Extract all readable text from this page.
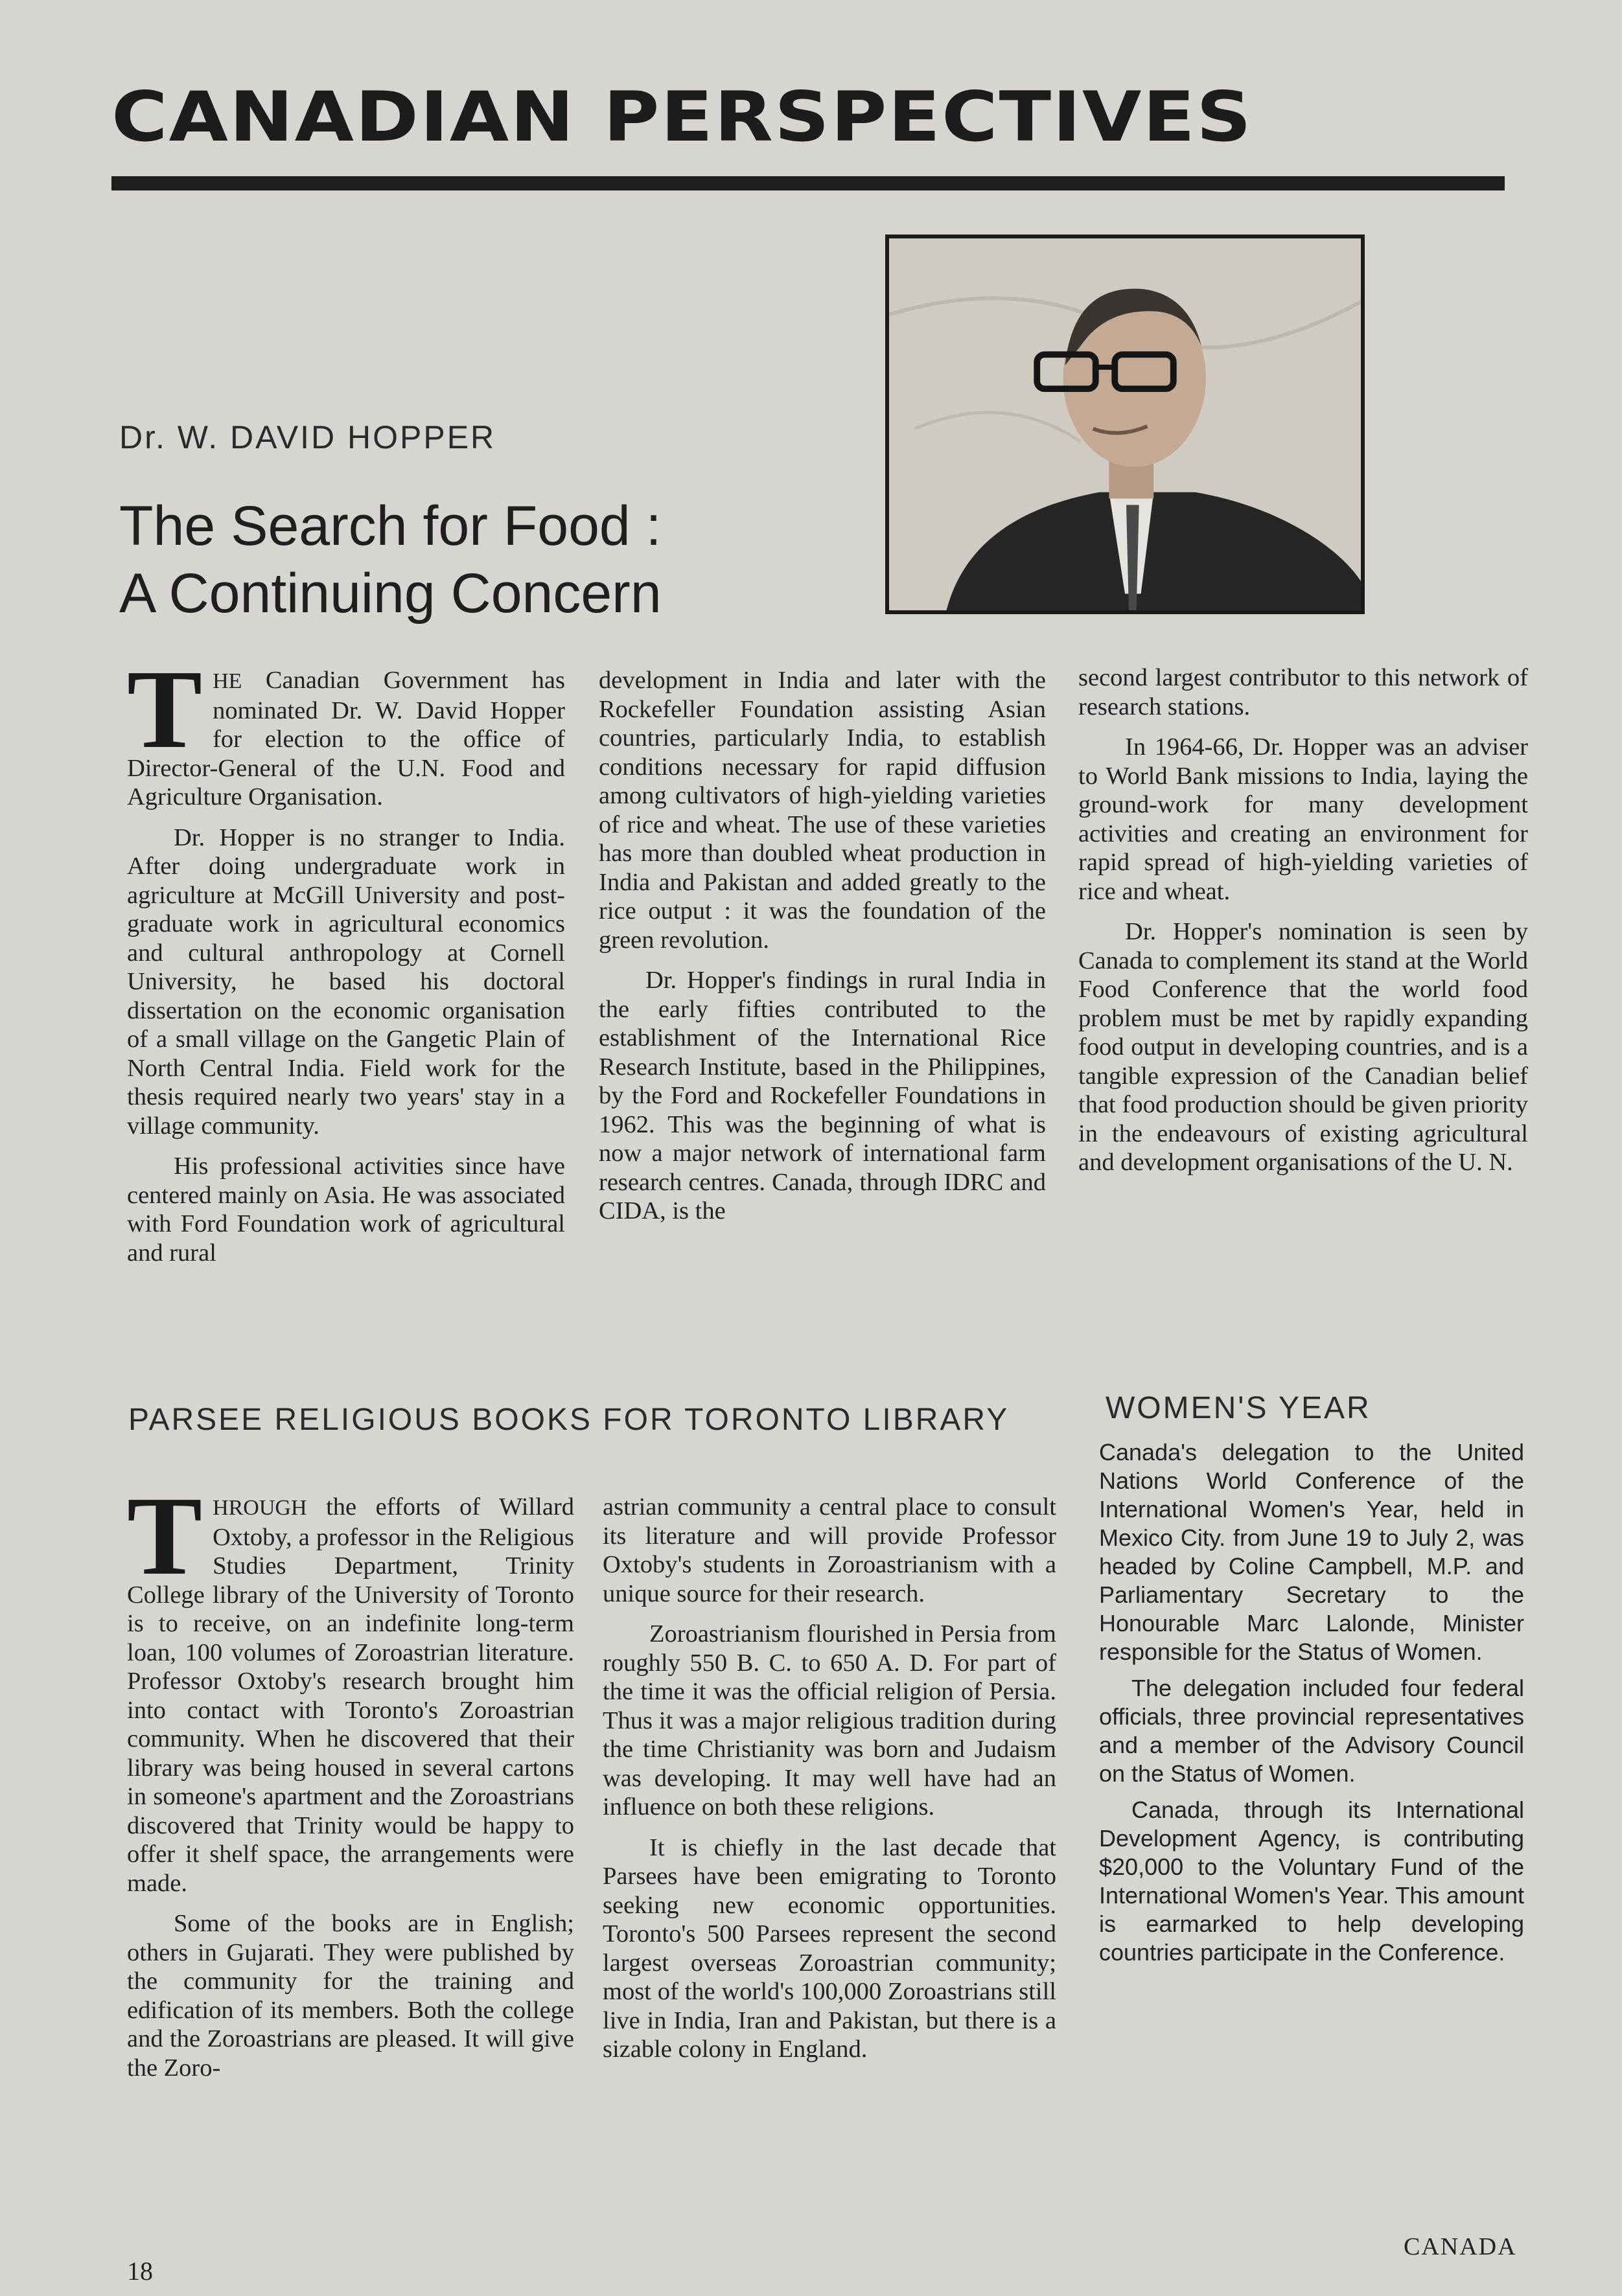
CANADIAN PERSPECTIVES
Dr. W. DAVID HOPPER
The Search for Food :
A Continuing Concern

THE Canadian Government has nominated Dr. W. David Hopper for election to the office of Director-General of the U.N. Food and Agriculture Organisation.

Dr. Hopper is no stranger to India. After doing undergraduate work in agriculture at McGill University and post-graduate work in agricultural economics and cultural anthropology at Cornell University, he based his doctoral dissertation on the economic organisation of a small village on the Gangetic Plain of North Central India. Field work for the thesis required nearly two years' stay in a village community.

His professional activities since have centered mainly on Asia. He was associated with Ford Foundation work of agricultural and rural

development in India and later with the Rockefeller Foundation assisting Asian countries, particularly India, to establish conditions necessary for rapid diffusion among cultivators of high-yielding varieties of rice and wheat. The use of these varieties has more than doubled wheat production in India and Pakistan and added greatly to the rice output : it was the foundation of the green revolution.

Dr. Hopper's findings in rural India in the early fifties contributed to the establishment of the International Rice Research Institute, based in the Philippines, by the Ford and Rockefeller Foundations in 1962. This was the beginning of what is now a major network of international farm research centres. Canada, through IDRC and CIDA, is the

second largest contributor to this network of research stations.

In 1964-66, Dr. Hopper was an adviser to World Bank missions to India, laying the ground-work for many development activities and creating an environment for rapid spread of high-yielding varieties of rice and wheat.

Dr. Hopper's nomination is seen by Canada to complement its stand at the World Food Conference that the world food problem must be met by rapidly expanding food output in developing countries, and is a tangible expression of the Canadian belief that food production should be given priority in the endeavours of existing agricultural and development organisations of the U. N.

PARSEE RELIGIOUS BOOKS FOR TORONTO LIBRARY

THROUGH the efforts of Willard Oxtoby, a professor in the Religious Studies Department, Trinity College library of the University of Toronto is to receive, on an indefinite long-term loan, 100 volumes of Zoroastrian literature. Professor Oxtoby's research brought him into contact with Toronto's Zoroastrian community. When he discovered that their library was being housed in several cartons in someone's apartment and the Zoroastrians discovered that Trinity would be happy to offer it shelf space, the arrangements were made.

Some of the books are in English; others in Gujarati. They were published by the community for the training and edification of its members. Both the college and the Zoroastrians are pleased. It will give the Zoro-

astrian community a central place to consult its literature and will provide Professor Oxtoby's students in Zoroastrianism with a unique source for their research.

Zoroastrianism flourished in Persia from roughly 550 B. C. to 650 A. D. For part of the time it was the official religion of Persia. Thus it was a major religious tradition during the time Christianity was born and Judaism was developing. It may well have had an influence on both these religions.

It is chiefly in the last decade that Parsees have been emigrating to Toronto seeking new economic opportunities. Toronto's 500 Parsees represent the second largest overseas Zoroastrian community; most of the world's 100,000 Zoroastrians still live in India, Iran and Pakistan, but there is a sizable colony in England.

WOMEN'S YEAR

Canada's delegation to the United Nations World Conference of the International Women's Year, held in Mexico City. from June 19 to July 2, was headed by Coline Campbell, M.P. and Parliamentary Secretary to the Honourable Marc Lalonde, Minister responsible for the Status of Women.

The delegation included four federal officials, three provincial representatives and a member of the Advisory Council on the Status of Women.

Canada, through its International Development Agency, is contributing $20,000 to the Voluntary Fund of the International Women's Year. This amount is earmarked to help developing countries participate in the Conference.

CANADA
18
